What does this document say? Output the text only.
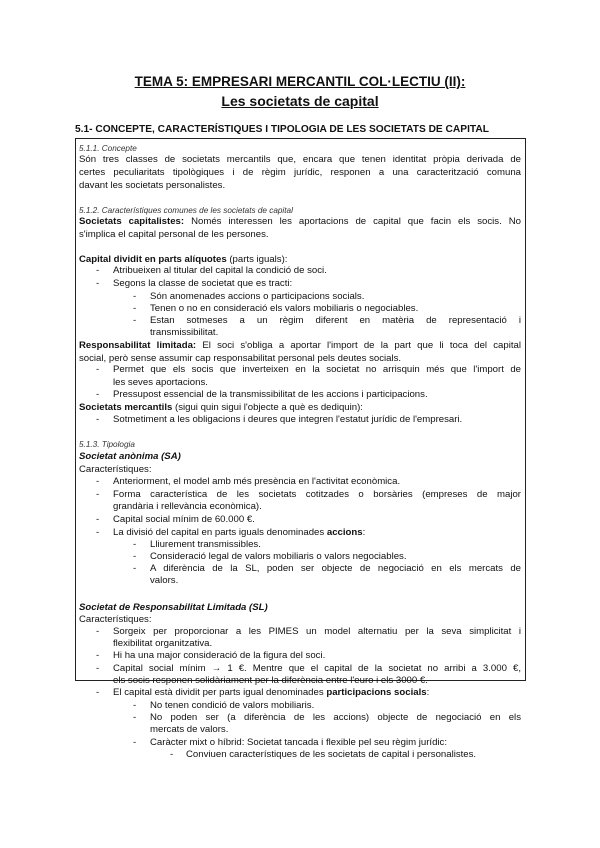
TEMA 5: EMPRESARI MERCANTIL COL·LECTIU (II):
Les societats de capital
5.1- CONCEPTE, CARACTERÍSTIQUES I TIPOLOGIA DE LES SOCIETATS DE CAPITAL
5.1.1. Concepte
Són tres classes de societats mercantils que, encara que tenen identitat pròpia derivada de
certes peculiaritats tipològiques i de règim jurídic, responen a una caracterització comuna
davant les societats personalistes.
5.1.2. Característiques comunes de les societats de capital
Societats capitalistes: Només interessen les aportacions de capital que facin els socis. No
s'implica el capital personal de les persones.
Capital dividit en parts alíquotes (parts iguals):
- Atribueixen al titular del capital la condició de soci.
- Segons la classe de societat que es tracti:
- Són anomenades accions o participacions socials.
- Tenen o no en consideració els valors mobiliaris o negociables.
- Estan sotmeses a un règim diferent en matèria de representació i
transmissibilitat.
Responsabilitat limitada: El soci s'obliga a aportar l'import de la part que li toca del capital
social, però sense assumir cap responsabilitat personal pels deutes socials.
- Permet que els socis que inverteixen en la societat no arrisquin més que l'import de
les seves aportacions.
- Pressupost essencial de la transmissibilitat de les accions i participacions.
Societats mercantils (sigui quin sigui l'objecte a què es dediquin):
- Sotmetiment a les obligacions i deures que integren l'estatut jurídic de l'empresari.
5.1.3. Tipologia
Societat anònima (SA)
Característiques:
- Anteriorment, el model amb més presència en l'activitat econòmica.
- Forma característica de les societats cotitzades o borsàries (empreses de major
grandària i rellevància econòmica).
- Capital social mínim de 60.000 €.
- La divisió del capital en parts iguals denominades accions:
- Lliurement transmissibles.
- Consideració legal de valors mobiliaris o valors negociables.
- A diferència de la SL, poden ser objecte de negociació en els mercats de
valors.
Societat de Responsabilitat Limitada (SL)
Característiques:
- Sorgeix per proporcionar a les PIMES un model alternatiu per la seva simplicitat i
flexibilitat organitzativa.
- Hi ha una major consideració de la figura del soci.
- Capital social mínim → 1 €. Mentre que el capital de la societat no arribi a 3.000 €,
els socis responen solidàriament per la diferència entre l'euro i els 3000 €.
- El capital està dividit per parts igual denominades participacions socials:
- No tenen condició de valors mobiliaris.
- No poden ser (a diferència de les accions) objecte de negociació en els
mercats de valors.
- Caràcter mixt o híbrid: Societat tancada i flexible pel seu règim jurídic:
- Conviuen característiques de les societats de capital i personalistes.
